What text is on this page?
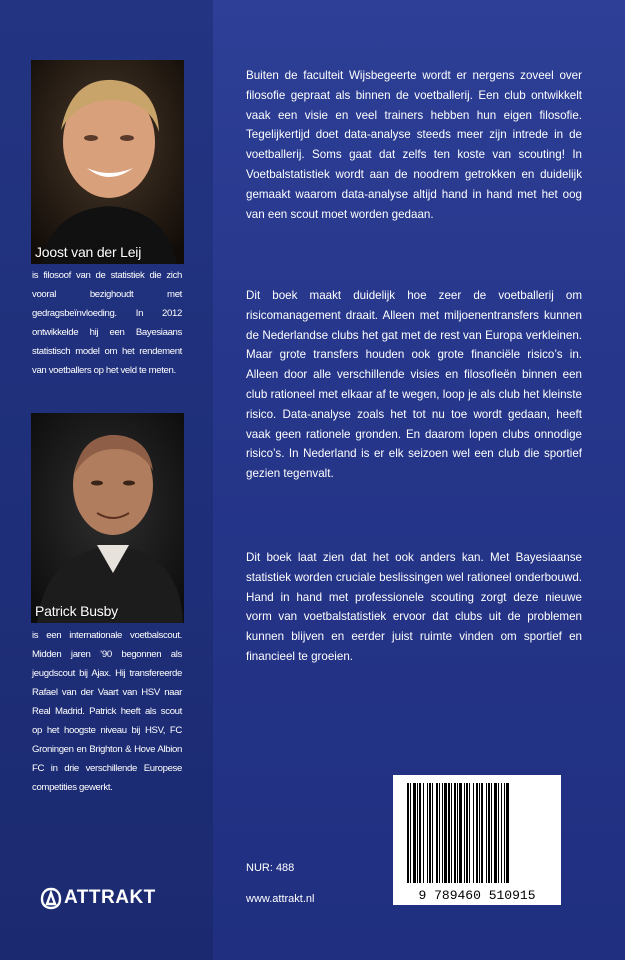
Joost van der Leij
is filosoof van de statistiek die zich vooral bezighoudt met gedragsbeïnvloeding. In 2012 ontwikkelde hij een Bayesiaans statistisch model om het rendement van voetballers op het veld te meten.
Patrick Busby
is een internationale voetbalscout. Midden jaren ’90 begonnen als jeugdscout bij Ajax. Hij transfereerde Rafael van der Vaart van HSV naar Real Madrid. Patrick heeft als scout op het hoogste niveau bij HSV, FC Groningen en Brighton & Hove Albion FC in drie verschillende Europese competities gewerkt.

Buiten de faculteit Wijsbegeerte wordt er nergens zoveel over filosofie gepraat als binnen de voetballerij. Een club ontwikkelt vaak een visie en veel trainers hebben hun eigen filosofie. Tegelijkertijd doet data-analyse steeds meer zijn intrede in de voetballerij. Soms gaat dat zelfs ten koste van scouting! In Voetbalstatistiek wordt aan de noodrem getrokken en duidelijk gemaakt waarom data-analyse altijd hand in hand met het oog van een scout moet worden gedaan.

Dit boek maakt duidelijk hoe zeer de voetballerij om risicomanagement draait. Alleen met miljoenentransfers kunnen de Nederlandse clubs het gat met de rest van Europa verkleinen. Maar grote transfers houden ook grote financiële risico’s in. Alleen door alle verschillende visies en filosofieën binnen een club rationeel met elkaar af te wegen, loop je als club het kleinste risico. Data-analyse zoals het tot nu toe wordt gedaan, heeft vaak geen rationele gronden. En daarom lopen clubs onnodige risico’s. In Nederland is er elk seizoen wel een club die sportief gezien tegenvalt.

Dit boek laat zien dat het ook anders kan. Met Bayesiaanse statistiek worden cruciale beslissingen wel rationeel onderbouwd. Hand in hand met professionele scouting zorgt deze nieuwe vorm van voetbalstatistiek ervoor dat clubs uit de problemen kunnen blijven en eerder juist ruimte vinden om sportief en financieel te groeien.

9 789460 510915
NUR: 488
www.attrakt.nl
ATTRAKT
